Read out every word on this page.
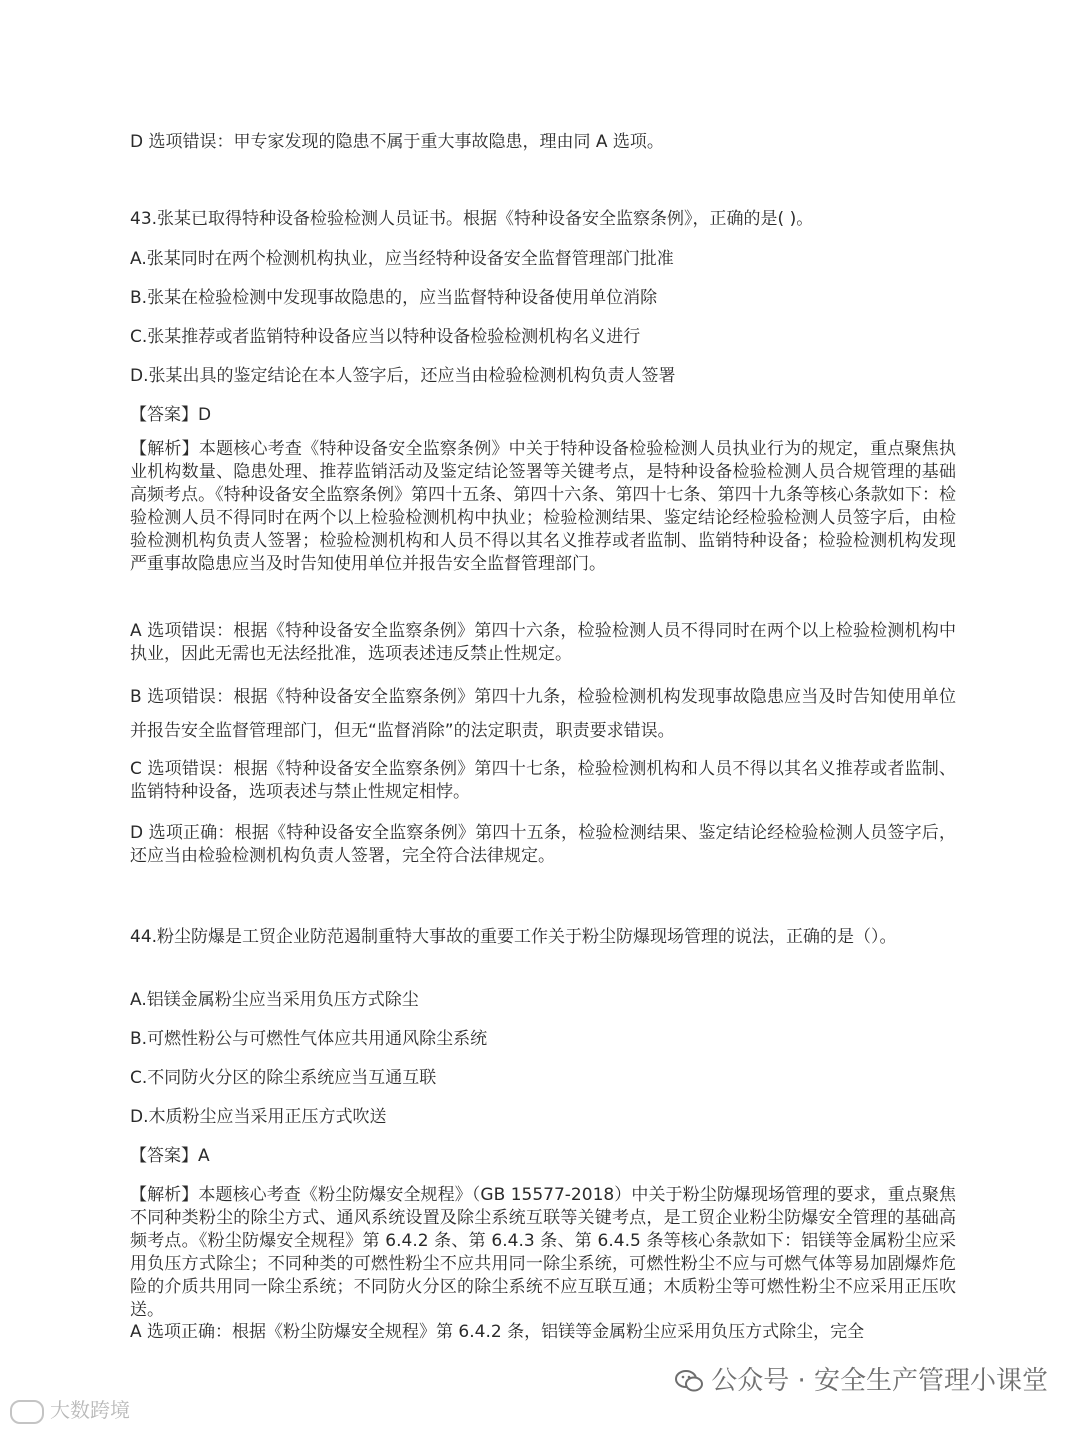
D 选项错误：甲专家发现的隐患不属于重大事故隐患，理由同 A 选项。
43.张某已取得特种设备检验检测人员证书。根据《特种设备安全监察条例》，正确的是( )。
A.张某同时在两个检测机构执业，应当经特种设备安全监督管理部门批准
B.张某在检验检测中发现事故隐患的，应当监督特种设备使用单位消除
C.张某推荐或者监销特种设备应当以特种设备检验检测机构名义进行
D.张某出具的鉴定结论在本人签字后，还应当由检验检测机构负责人签署
【答案】D
【解析】本题核心考查《特种设备安全监察条例》中关于特种设备检验检测人员执业行为的规定，重点聚焦执业机构数量、隐患处理、推荐监销活动及鉴定结论签署等关键考点，是特种设备检验检测人员合规管理的基础高频考点。《特种设备安全监察条例》第四十五条、第四十六条、第四十七条、第四十九条等核心条款如下：检验检测人员不得同时在两个以上检验检测机构中执业；检验检测结果、鉴定结论经检验检测人员签字后，由检验检测机构负责人签署；检验检测机构和人员不得以其名义推荐或者监制、监销特种设备；检验检测机构发现严重事故隐患应当及时告知使用单位并报告安全监督管理部门。
A 选项错误：根据《特种设备安全监察条例》第四十六条，检验检测人员不得同时在两个以上检验检测机构中执业，因此无需也无法经批准，选项表述违反禁止性规定。
B 选项错误：根据《特种设备安全监察条例》第四十九条，检验检测机构发现事故隐患应当及时告知使用单位并报告安全监督管理部门，但无“监督消除”的法定职责，职责要求错误。
C 选项错误：根据《特种设备安全监察条例》第四十七条，检验检测机构和人员不得以其名义推荐或者监制、监销特种设备，选项表述与禁止性规定相悖。
D 选项正确：根据《特种设备安全监察条例》第四十五条，检验检测结果、鉴定结论经检验检测人员签字后，还应当由检验检测机构负责人签署，完全符合法律规定。
44.粉尘防爆是工贸企业防范遏制重特大事故的重要工作关于粉尘防爆现场管理的说法，正确的是（）。
A.铝镁金属粉尘应当采用负压方式除尘
B.可燃性粉公与可燃性气体应共用通风除尘系统
C.不同防火分区的除尘系统应当互通互联
D.木质粉尘应当采用正压方式吹送
【答案】A
【解析】本题核心考查《粉尘防爆安全规程》（GB 15577-2018）中关于粉尘防爆现场管理的要求，重点聚焦不同种类粉尘的除尘方式、通风系统设置及除尘系统互联等关键考点，是工贸企业粉尘防爆安全管理的基础高频考点。《粉尘防爆安全规程》第 6.4.2 条、第 6.4.3 条、第 6.4.5 条等核心条款如下：铝镁等金属粉尘应采用负压方式除尘；不同种类的可燃性粉尘不应共用同一除尘系统，可燃性粉尘不应与可燃气体等易加剧爆炸危险的介质共用同一除尘系统；不同防火分区的除尘系统不应互联互通；木质粉尘等可燃性粉尘不应采用正压吹送。
A 选项正确：根据《粉尘防爆安全规程》第 6.4.2 条，铝镁等金属粉尘应采用负压方式除尘，完全
大数跨境
公众号 · 安全生产管理小课堂
